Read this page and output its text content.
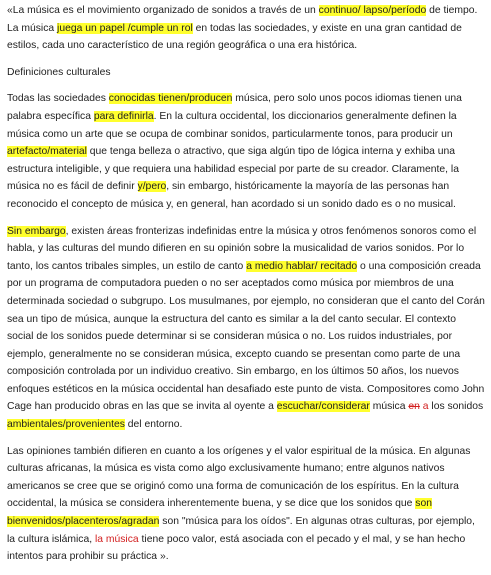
«La música es el movimiento organizado de sonidos a través de un continuo/ lapso/período de tiempo. La música juega un papel /cumple un rol en todas las sociedades, y existe en una gran cantidad de estilos, cada uno característico de una región geográfica o una era histórica.

Definiciones culturales

Todas las sociedades conocidas tienen/producen música, pero solo unos pocos idiomas tienen una palabra específica para definirla. En la cultura occidental, los diccionarios generalmente definen la música como un arte que se ocupa de combinar sonidos, particularmente tonos, para producir un artefacto/material que tenga belleza o atractivo, que siga algún tipo de lógica interna y exhiba una estructura inteligible, y que requiera una habilidad especial por parte de su creador. Claramente, la música no es fácil de definir y/pero, sin embargo, históricamente la mayoría de las personas han reconocido el concepto de música y, en general, han acordado si un sonido dado es o no musical.

Sin embargo, existen áreas fronterizas indefinidas entre la música y otros fenómenos sonoros como el habla, y las culturas del mundo difieren en su opinión sobre la musicalidad de varios sonidos. Por lo tanto, los cantos tribales simples, un estilo de canto a medio hablar/ recitado o una composición creada por un programa de computadora pueden o no ser aceptados como música por miembros de una determinada sociedad o subgrupo. Los musulmanes, por ejemplo, no consideran que el canto del Corán sea un tipo de música, aunque la estructura del canto es similar a la del canto secular. El contexto social de los sonidos puede determinar si se consideran música o no. Los ruidos industriales, por ejemplo, generalmente no se consideran música, excepto cuando se presentan como parte de una composición controlada por un individuo creativo. Sin embargo, en los últimos 50 años, los nuevos enfoques estéticos en la música occidental han desafiado este punto de vista. Compositores como John Cage han producido obras en las que se invita al oyente a escuchar/considerar música en a los sonidos ambientales/provenientes del entorno.

Las opiniones también difieren en cuanto a los orígenes y el valor espiritual de la música. En algunas culturas africanas, la música es vista como algo exclusivamente humano; entre algunos nativos americanos se cree que se originó como una forma de comunicación de los espíritus. En la cultura occidental, la música se considera inherentemente buena, y se dice que los sonidos que son bienvenidos/placenteros/agradan son "música para los oídos". En algunas otras culturas, por ejemplo, la cultura islámica, la música tiene poco valor, está asociada con el pecado y el mal, y se han hecho intentos para prohibir su práctica ».
